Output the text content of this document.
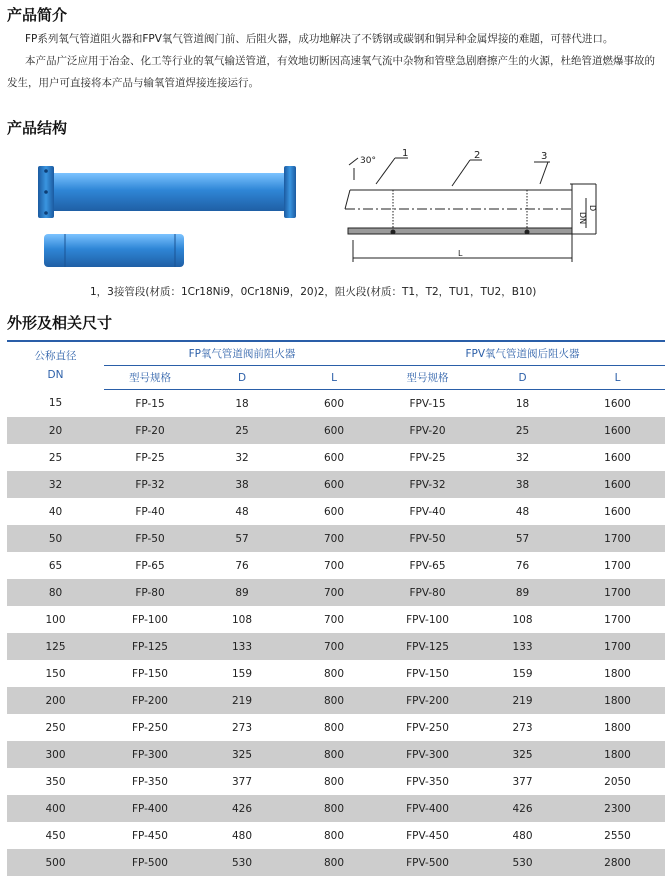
产品简介

FP系列氧气管道阻火器和FPV氧气管道阀门前、后阻火器，成功地解决了不锈钢或碳钢和铜异种金属焊接的难题，可替代进口。

本产品广泛应用于冶金、化工等行业的氧气输送管道，有效地切断因高速氧气流中杂物和管壁急剧磨擦产生的火源，杜绝管道燃爆事故的发生，用户可直接将本产品与输氧管道焊接连接运行。

产品结构
30°
1	2	3
DN
D
L

1，3接管段(材质：1Cr18Ni9，0Cr18Ni9，20)2，阻火段(材质：T1，T2，TU1，TU2，B10)

外形及相关尺寸
公称直径
DN	FP氧气管道阀前阻火器			FPV氧气管道阀后阻火器		
	型号规格	D	L	型号规格	D	L
15	FP-15	18	600	FPV-15	18	1600
20	FP-20	25	600	FPV-20	25	1600
25	FP-25	32	600	FPV-25	32	1600
32	FP-32	38	600	FPV-32	38	1600
40	FP-40	48	600	FPV-40	48	1600
50	FP-50	57	700	FPV-50	57	1700
65	FP-65	76	700	FPV-65	76	1700
80	FP-80	89	700	FPV-80	89	1700
100	FP-100	108	700	FPV-100	108	1700
125	FP-125	133	700	FPV-125	133	1700
150	FP-150	159	800	FPV-150	159	1800
200	FP-200	219	800	FPV-200	219	1800
250	FP-250	273	800	FPV-250	273	1800
300	FP-300	325	800	FPV-300	325	1800
350	FP-350	377	800	FPV-350	377	2050
400	FP-400	426	800	FPV-400	426	2300
450	FP-450	480	800	FPV-450	480	2550
500	FP-500	530	800	FPV-500	530	2800
